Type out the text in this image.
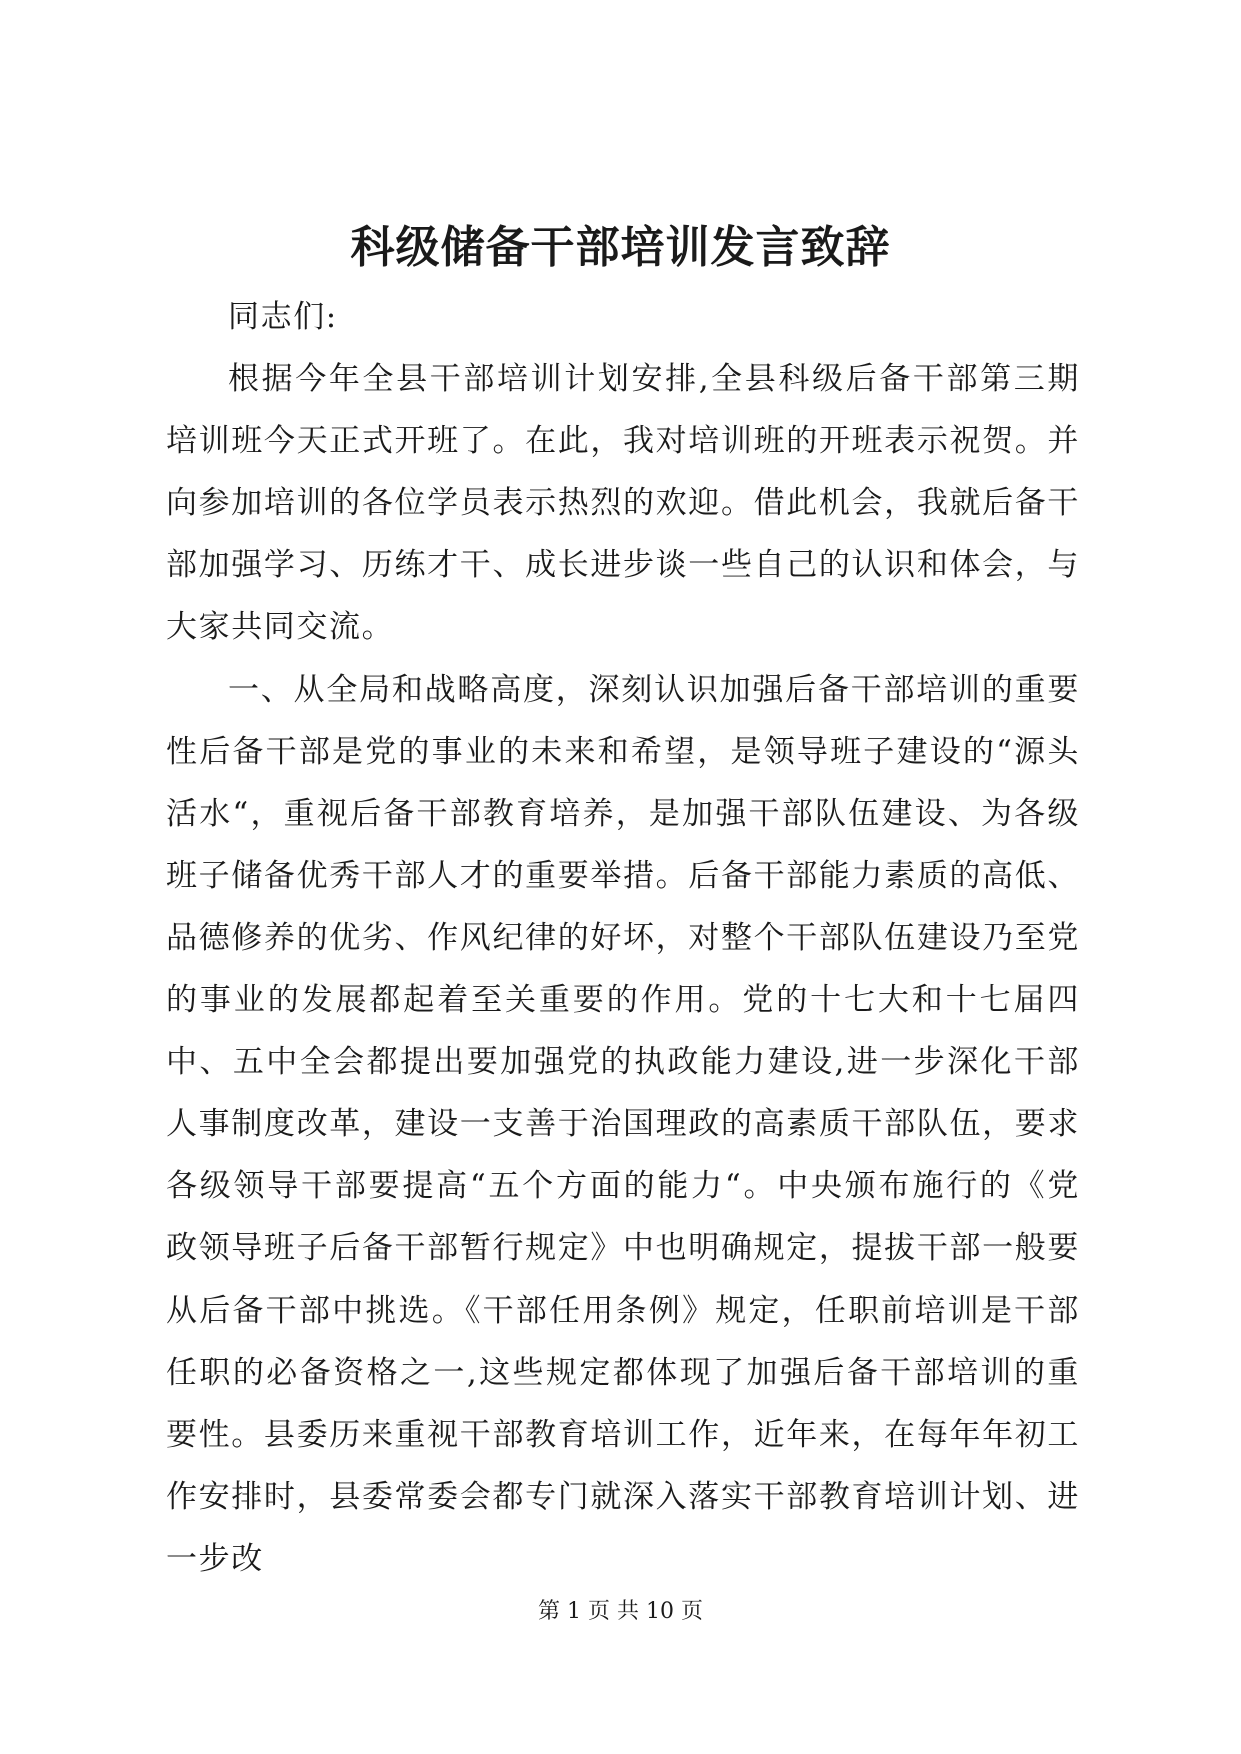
科级储备干部培训发言致辞

同志们:

根据今年全县干部培训计划安排,全县科级后备干部第三期培训班今天正式开班了。在此，我对培训班的开班表示祝贺。并向参加培训的各位学员表示热烈的欢迎。借此机会，我就后备干部加强学习、历练才干、成长进步谈一些自己的认识和体会，与大家共同交流。

一、从全局和战略高度，深刻认识加强后备干部培训的重要性后备干部是党的事业的未来和希望，是领导班子建设的“源头活水“，重视后备干部教育培养，是加强干部队伍建设、为各级班子储备优秀干部人才的重要举措。后备干部能力素质的高低、品德修养的优劣、作风纪律的好坏，对整个干部队伍建设乃至党的事业的发展都起着至关重要的作用。党的十七大和十七届四中、五中全会都提出要加强党的执政能力建设,进一步深化干部人事制度改革，建设一支善于治国理政的高素质干部队伍，要求各级领导干部要提高“五个方面的能力“。中央颁布施行的《党政领导班子后备干部暂行规定》中也明确规定，提拔干部一般要从后备干部中挑选。《干部任用条例》规定，任职前培训是干部任职的必备资格之一,这些规定都体现了加强后备干部培训的重要性。县委历来重视干部教育培训工作，近年来，在每年年初工作安排时，县委常委会都专门就深入落实干部教育培训计划、进一步改

第 1 页 共 10 页
